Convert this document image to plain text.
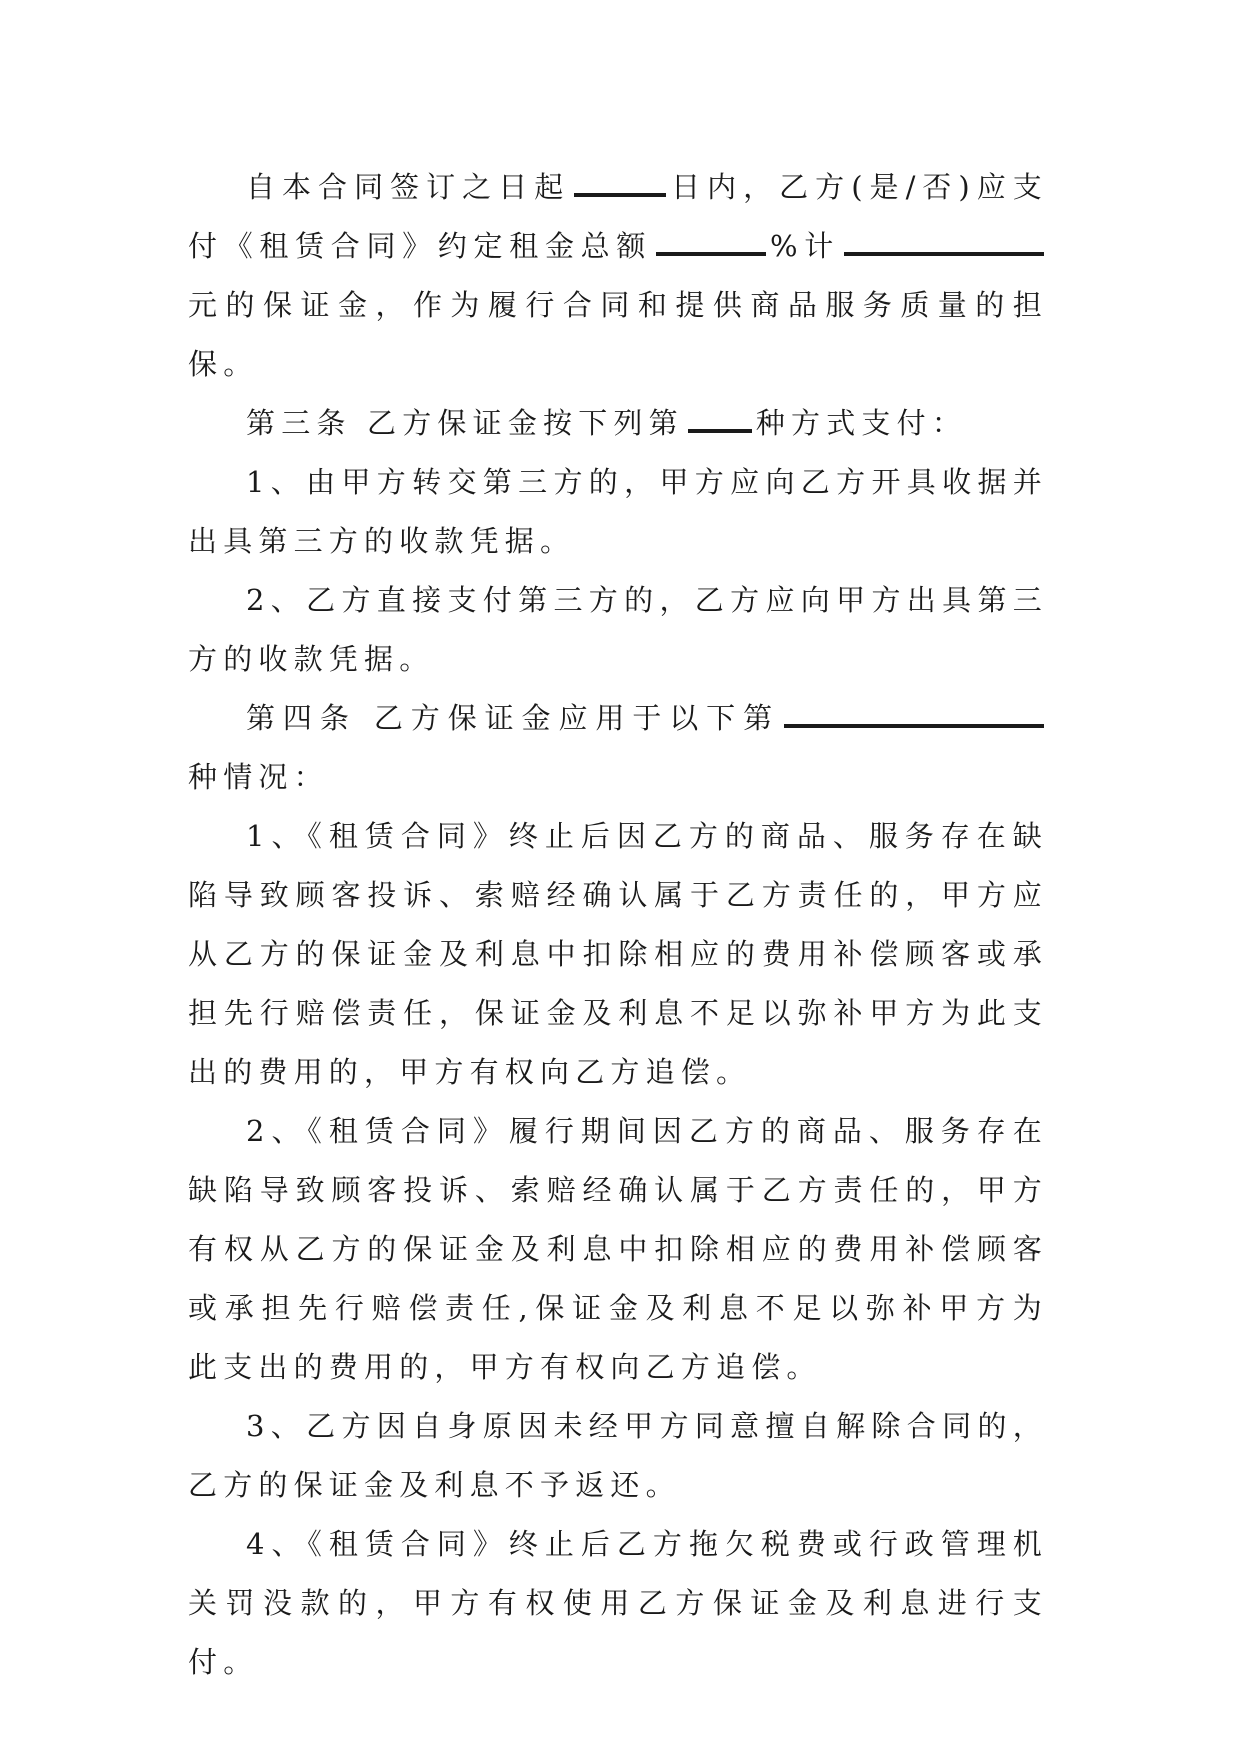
自本合同签订之日起	日内，乙方(是/否)应支付《租赁合同》约定租金总额	%计元的保证金，作为履行合同和提供商品服务质量的担保。

第三条 乙方保证金按下列第 种方式支付：

1、由甲方转交第三方的，甲方应向乙方开具收据并出具第三方的收款凭据。

2、乙方直接支付第三方的，乙方应向甲方出具第三方的收款凭据。

第四条 乙方保证金应用于以下第种情况：

1、《租赁合同》终止后因乙方的商品、服务存在缺陷导致顾客投诉、索赔经确认属于乙方责任的，甲方应从乙方的保证金及利息中扣除相应的费用补偿顾客或承担先行赔偿责任，保证金及利息不足以弥补甲方为此支出的费用的，甲方有权向乙方追偿。

2、《租赁合同》履行期间因乙方的商品、服务存在缺陷导致顾客投诉、索赔经确认属于乙方责任的，甲方有权从乙方的保证金及利息中扣除相应的费用补偿顾客或承担先行赔偿责任,保证金及利息不足以弥补甲方为此支出的费用的，甲方有权向乙方追偿。

3、乙方因自身原因未经甲方同意擅自解除合同的，乙方的保证金及利息不予返还。

4、《租赁合同》终止后乙方拖欠税费或行政管理机关罚没款的，甲方有权使用乙方保证金及利息进行支付。
